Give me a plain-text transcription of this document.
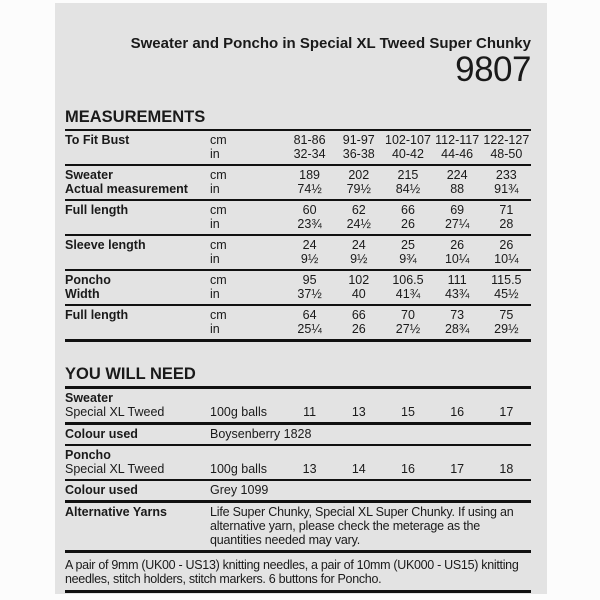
Sweater and Poncho in Special XL Tweed Super Chunky
9807
MEASUREMENTS
To Fit Bust	cm	81-86	91-97 102-107 112-117 122-127
in	32-34	36-38	40-42	44-46	48-50
Sweater	cm	189	202	215	224	233
Actual measurement	in	74½	79½	84½	88	91¾
Full length	cm	60	62	66	69	71
in	23¾	24½	26	27¼	28
Sleeve length	cm	24	24	25	26	26
in	9½	9½	9¾	10¼	10¼
Poncho	cm	95	102	106.5	111	115.5
Width	in	37½	40	41¾	43¾	45½
Full length	cm	64	66	70	73	75
in	25¼	26	27½	28¾	29½
YOU WILL NEED
Sweater
Special XL Tweed	100g balls	11	13	15	16	17
Colour used	Boysenberry 1828
Poncho
Special XL Tweed	100g balls	13	14	16	17	18
Colour used	Grey 1099
Alternative Yarns	Life Super Chunky, Special XL Super Chunky. If using an alternative yarn, please check the meterage as the quantities needed may vary.
A pair of 9mm (UK00 - US13) knitting needles, a pair of 10mm (UK000 - US15) knitting needles, stitch holders, stitch markers. 6 buttons for Poncho.
